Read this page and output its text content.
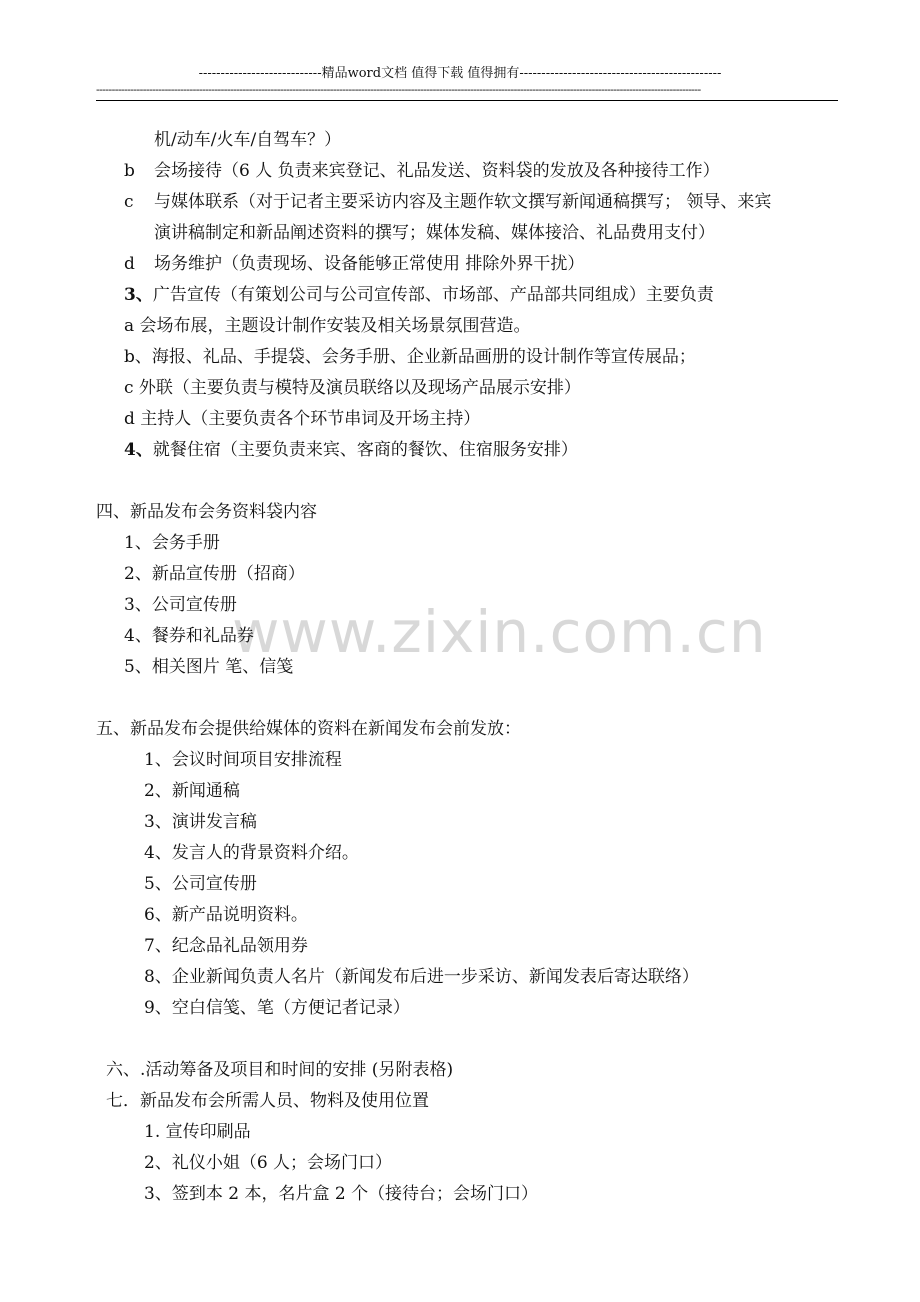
----------------------------精品word文档 值得下载 值得拥有----------------------------------------------
--------------------------------------------------------------------------------------------------------------------------------------------------------------------------------------------------
www.zixin.com.cn
机/动车/火车/自驾车？）
b 会场接待（6 人 负责来宾登记、礼品发送、资料袋的发放及各种接待工作）
c 与媒体联系（对于记者主要采访内容及主题作软文撰写新闻通稿撰写； 领导、来宾
演讲稿制定和新品阐述资料的撰写；媒体发稿、媒体接洽、礼品费用支付）
d 场务维护（负责现场、设备能够正常使用 排除外界干扰）
3、广告宣传（有策划公司与公司宣传部、市场部、产品部共同组成）主要负责
a 会场布展，主题设计制作安装及相关场景氛围营造。
b、海报、礼品、手提袋、会务手册、企业新品画册的设计制作等宣传展品；
c 外联（主要负责与模特及演员联络以及现场产品展示安排）
d 主持人（主要负责各个环节串词及开场主持）
4、就餐住宿（主要负责来宾、客商的餐饮、住宿服务安排）
四、新品发布会务资料袋内容
1、会务手册
2、新品宣传册（招商）
3、公司宣传册
4、餐券和礼品券
5、相关图片 笔、信笺
五、新品发布会提供给媒体的资料在新闻发布会前发放：
1、会议时间项目安排流程
2、新闻通稿
3、演讲发言稿
4、发言人的背景资料介绍。
5、公司宣传册
6、新产品说明资料。
7、纪念品礼品领用券
8、企业新闻负责人名片（新闻发布后进一步采访、新闻发表后寄达联络）
9、空白信笺、笔（方便记者记录）
六、.活动筹备及项目和时间的安排 (另附表格)
七．新品发布会所需人员、物料及使用位置
1. 宣传印刷品
2、礼仪小姐（6 人；会场门口）
3、签到本 2 本，名片盒 2 个（接待台；会场门口）
